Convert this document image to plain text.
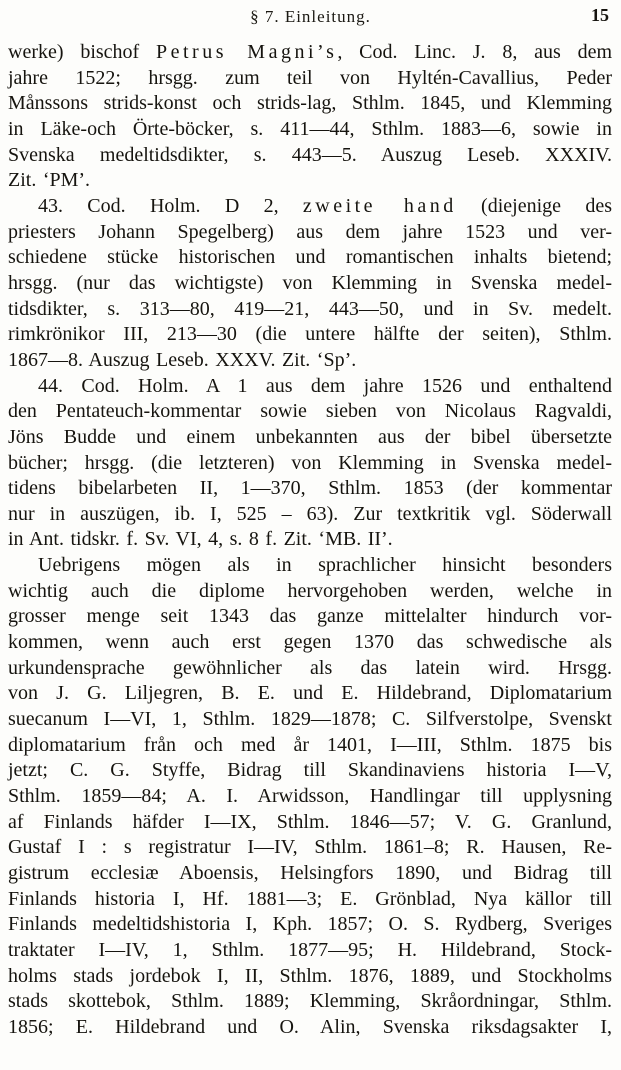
§ 7. Einleitung.	15
werke) bischof Petrus Magni’s, Cod. Linc. J. 8, aus dem
jahre 1522; hrsgg. zum teil von Hyltén-Cavallius, Peder
Månssons strids-konst och strids-lag, Sthlm. 1845, und Klemming
in Läke-och Örte-böcker, s. 411—44, Sthlm. 1883—6, sowie in
Svenska medeltidsdikter, s. 443—5. Auszug Leseb. XXXIV.
Zit. ‘PM’.
43. Cod. Holm. D 2, zweite hand (diejenige des
priesters Johann Spegelberg) aus dem jahre 1523 und ver-
schiedene stücke historischen und romantischen inhalts bietend;
hrsgg. (nur das wichtigste) von Klemming in Svenska medel-
tidsdikter, s. 313—80, 419—21, 443—50, und in Sv. medelt.
rimkrönikor III, 213—30 (die untere hälfte der seiten), Sthlm.
1867—8. Auszug Leseb. XXXV. Zit. ‘Sp’.
44. Cod. Holm. A 1 aus dem jahre 1526 und enthaltend
den Pentateuch-kommentar sowie sieben von Nicolaus Ragvaldi,
Jöns Budde und einem unbekannten aus der bibel übersetzte
bücher; hrsgg. (die letzteren) von Klemming in Svenska medel-
tidens bibelarbeten II, 1—370, Sthlm. 1853 (der kommentar
nur in auszügen, ib. I, 525 – 63). Zur textkritik vgl. Söderwall
in Ant. tidskr. f. Sv. VI, 4, s. 8 f. Zit. ‘MB. II’.
Uebrigens mögen als in sprachlicher hinsicht besonders
wichtig auch die diplome hervorgehoben werden, welche in
grosser menge seit 1343 das ganze mittelalter hindurch vor-
kommen, wenn auch erst gegen 1370 das schwedische als
urkundensprache gewöhnlicher als das latein wird. Hrsgg.
von J. G. Liljegren, B. E. und E. Hildebrand, Diplomatarium
suecanum I—VI, 1, Sthlm. 1829—1878; C. Silfverstolpe, Svenskt
diplomatarium från och med år 1401, I—III, Sthlm. 1875 bis
jetzt; C. G. Styffe, Bidrag till Skandinaviens historia I—V,
Sthlm. 1859—84; A. I. Arwidsson, Handlingar till upplysning
af Finlands häfder I—IX, Sthlm. 1846—57; V. G. Granlund,
Gustaf I : s registratur I—IV, Sthlm. 1861–8; R. Hausen, Re-
gistrum ecclesiæ Aboensis, Helsingfors 1890, und Bidrag till
Finlands historia I, Hf. 1881—3; E. Grönblad, Nya källor till
Finlands medeltidshistoria I, Kph. 1857; O. S. Rydberg, Sveriges
traktater I—IV, 1, Sthlm. 1877—95; H. Hildebrand, Stock-
holms stads jordebok I, II, Sthlm. 1876, 1889, und Stockholms
stads skottebok, Sthlm. 1889; Klemming, Skråordningar, Sthlm.
1856; E. Hildebrand und O. Alin, Svenska riksdagsakter I,
